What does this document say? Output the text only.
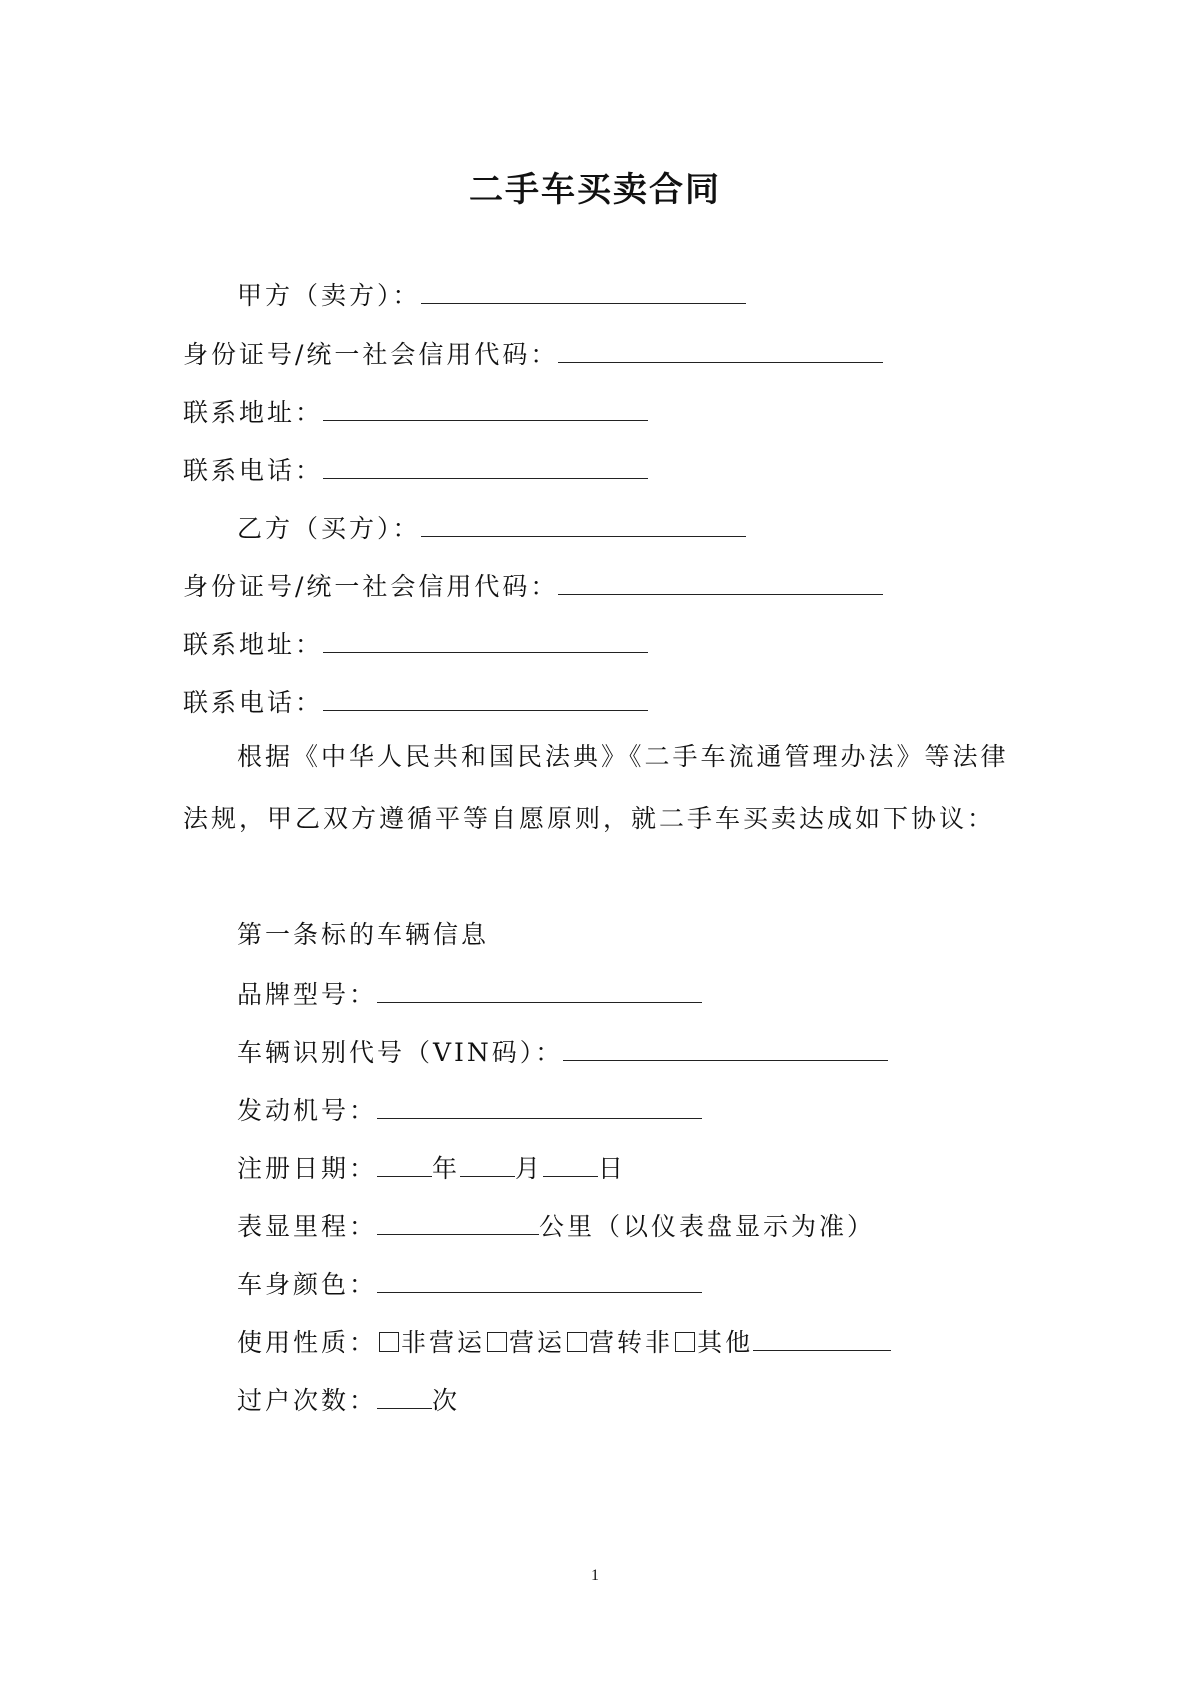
二手车买卖合同
甲方（卖方）：
身份证号/统一社会信用代码：
联系地址：
联系电话：
乙方（买方）：
身份证号/统一社会信用代码：
联系地址：
联系电话：

根据《中华人民共和国民法典》《二手车流通管理办法》等法律法规，甲乙双方遵循平等自愿原则，就二手车买卖达成如下协议：

第一条标的车辆信息
品牌型号：
车辆识别代号（VIN码）：
发动机号：
注册日期： 年 月 日
表显里程：	公里（以仪表盘显示为准）
车身颜色：
使用性质： 非营运 营运 营转非 其他
过户次数： 次
1
